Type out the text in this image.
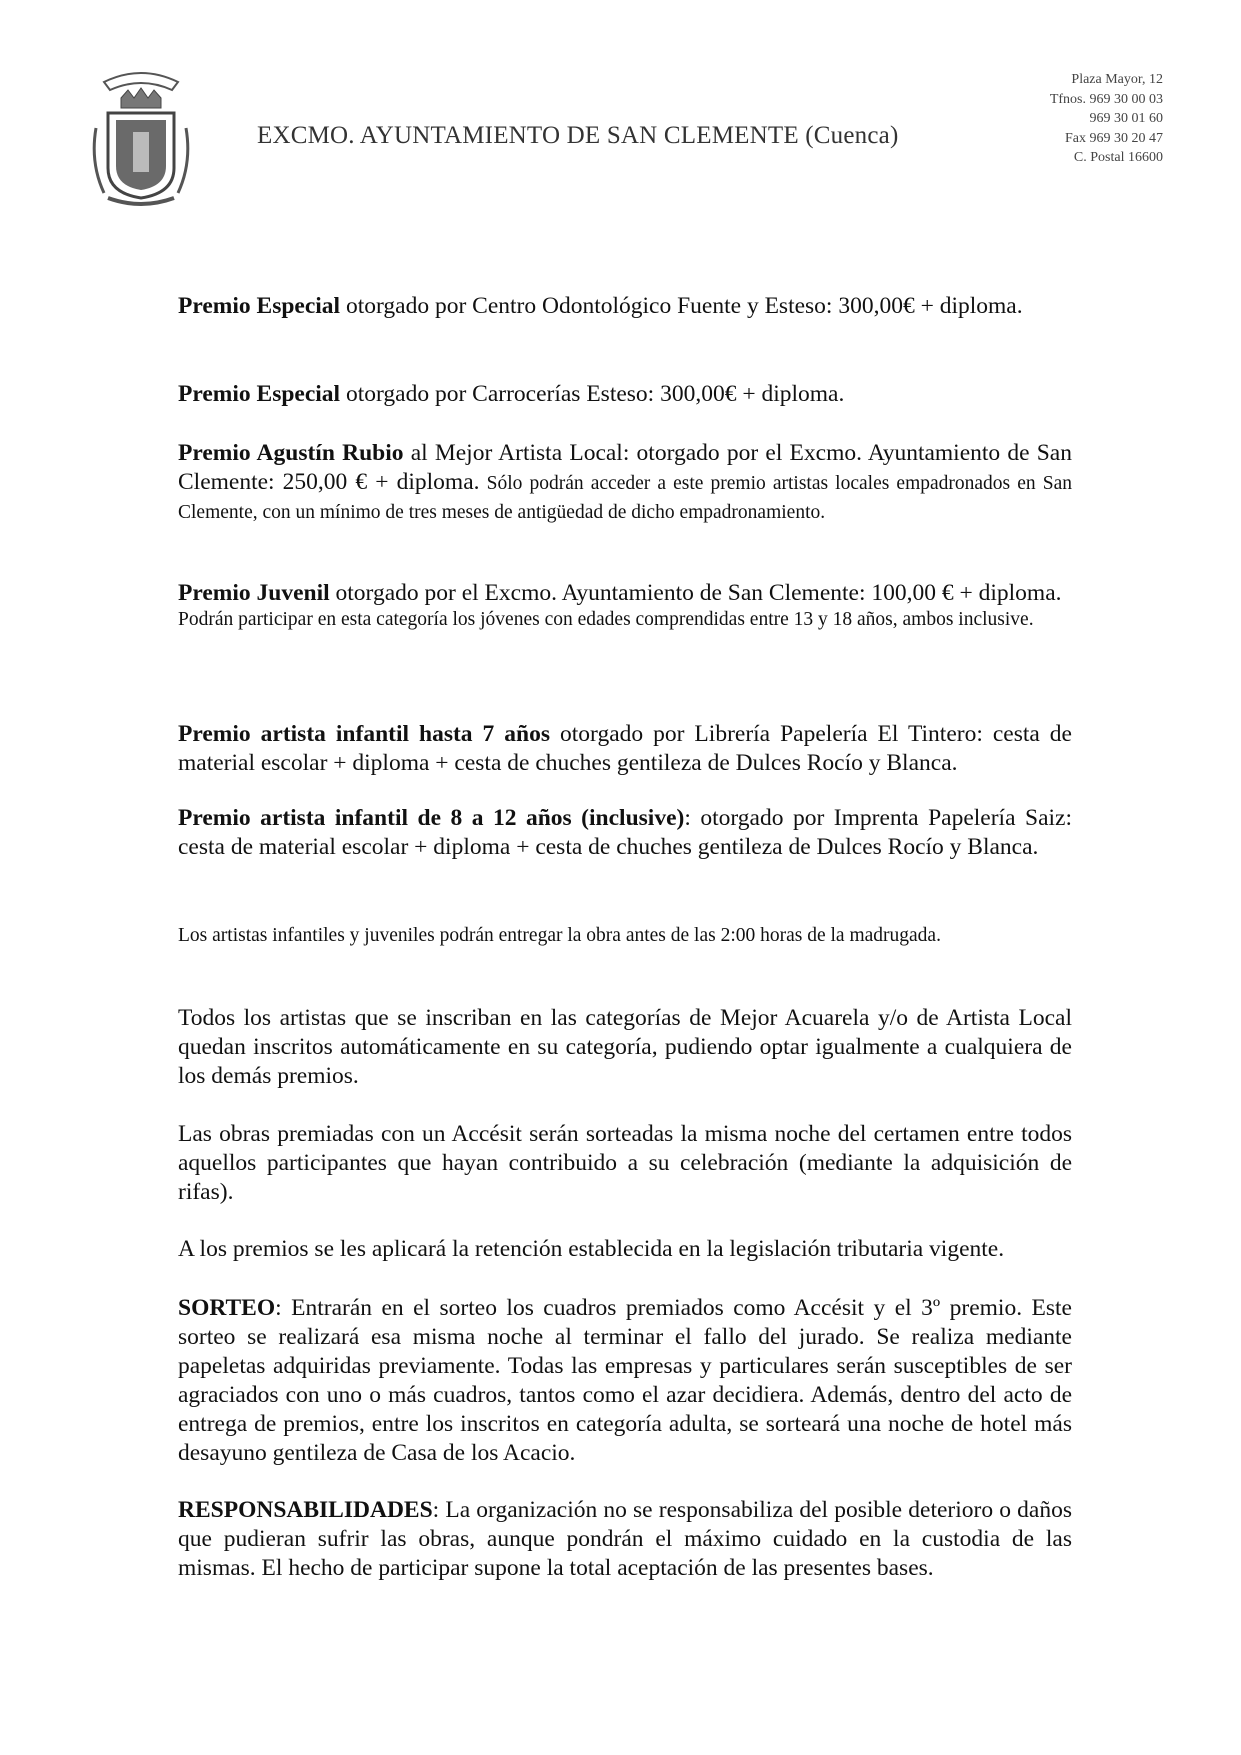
EXCMO. AYUNTAMIENTO DE SAN CLEMENTE (Cuenca)
Plaza Mayor, 12
Tfnos. 969 30 00 03
969 30 01 60
Fax 969 30 20 47
C. Postal 16600
Premio Especial otorgado por Centro Odontológico Fuente y Esteso: 300,00€ + diploma.
Premio Especial otorgado por Carrocerías Esteso: 300,00€ + diploma.
Premio Agustín Rubio al Mejor Artista Local: otorgado por el Excmo. Ayuntamiento de San Clemente: 250,00 € + diploma. Sólo podrán acceder a este premio artistas locales empadronados en San Clemente, con un mínimo de tres meses de antigüedad de dicho empadronamiento.
Premio Juvenil otorgado por el Excmo. Ayuntamiento de San Clemente: 100,00 € + diploma.
Podrán participar en esta categoría los jóvenes con edades comprendidas entre 13 y 18 años, ambos inclusive.
Premio artista infantil hasta 7 años otorgado por Librería Papelería El Tintero: cesta de material escolar + diploma + cesta de chuches gentileza de Dulces Rocío y Blanca.
Premio artista infantil de 8 a 12 años (inclusive): otorgado por Imprenta Papelería Saiz: cesta de material escolar + diploma + cesta de chuches gentileza de Dulces Rocío y Blanca.
Los artistas infantiles y juveniles podrán entregar la obra antes de las 2:00 horas de la madrugada.
Todos los artistas que se inscriban en las categorías de Mejor Acuarela y/o de Artista Local quedan inscritos automáticamente en su categoría, pudiendo optar igualmente a cualquiera de los demás premios.
Las obras premiadas con un Accésit serán sorteadas la misma noche del certamen entre todos aquellos participantes que hayan contribuido a su celebración (mediante la adquisición de rifas).
A los premios se les aplicará la retención establecida en la legislación tributaria vigente.
SORTEO: Entrarán en el sorteo los cuadros premiados como Accésit y el 3º premio. Este sorteo se realizará esa misma noche al terminar el fallo del jurado. Se realiza mediante papeletas adquiridas previamente. Todas las empresas y particulares serán susceptibles de ser agraciados con uno o más cuadros, tantos como el azar decidiera. Además, dentro del acto de entrega de premios, entre los inscritos en categoría adulta, se sorteará una noche de hotel más desayuno gentileza de Casa de los Acacio.
RESPONSABILIDADES: La organización no se responsabiliza del posible deterioro o daños que pudieran sufrir las obras, aunque pondrán el máximo cuidado en la custodia de las mismas. El hecho de participar supone la total aceptación de las presentes bases.
